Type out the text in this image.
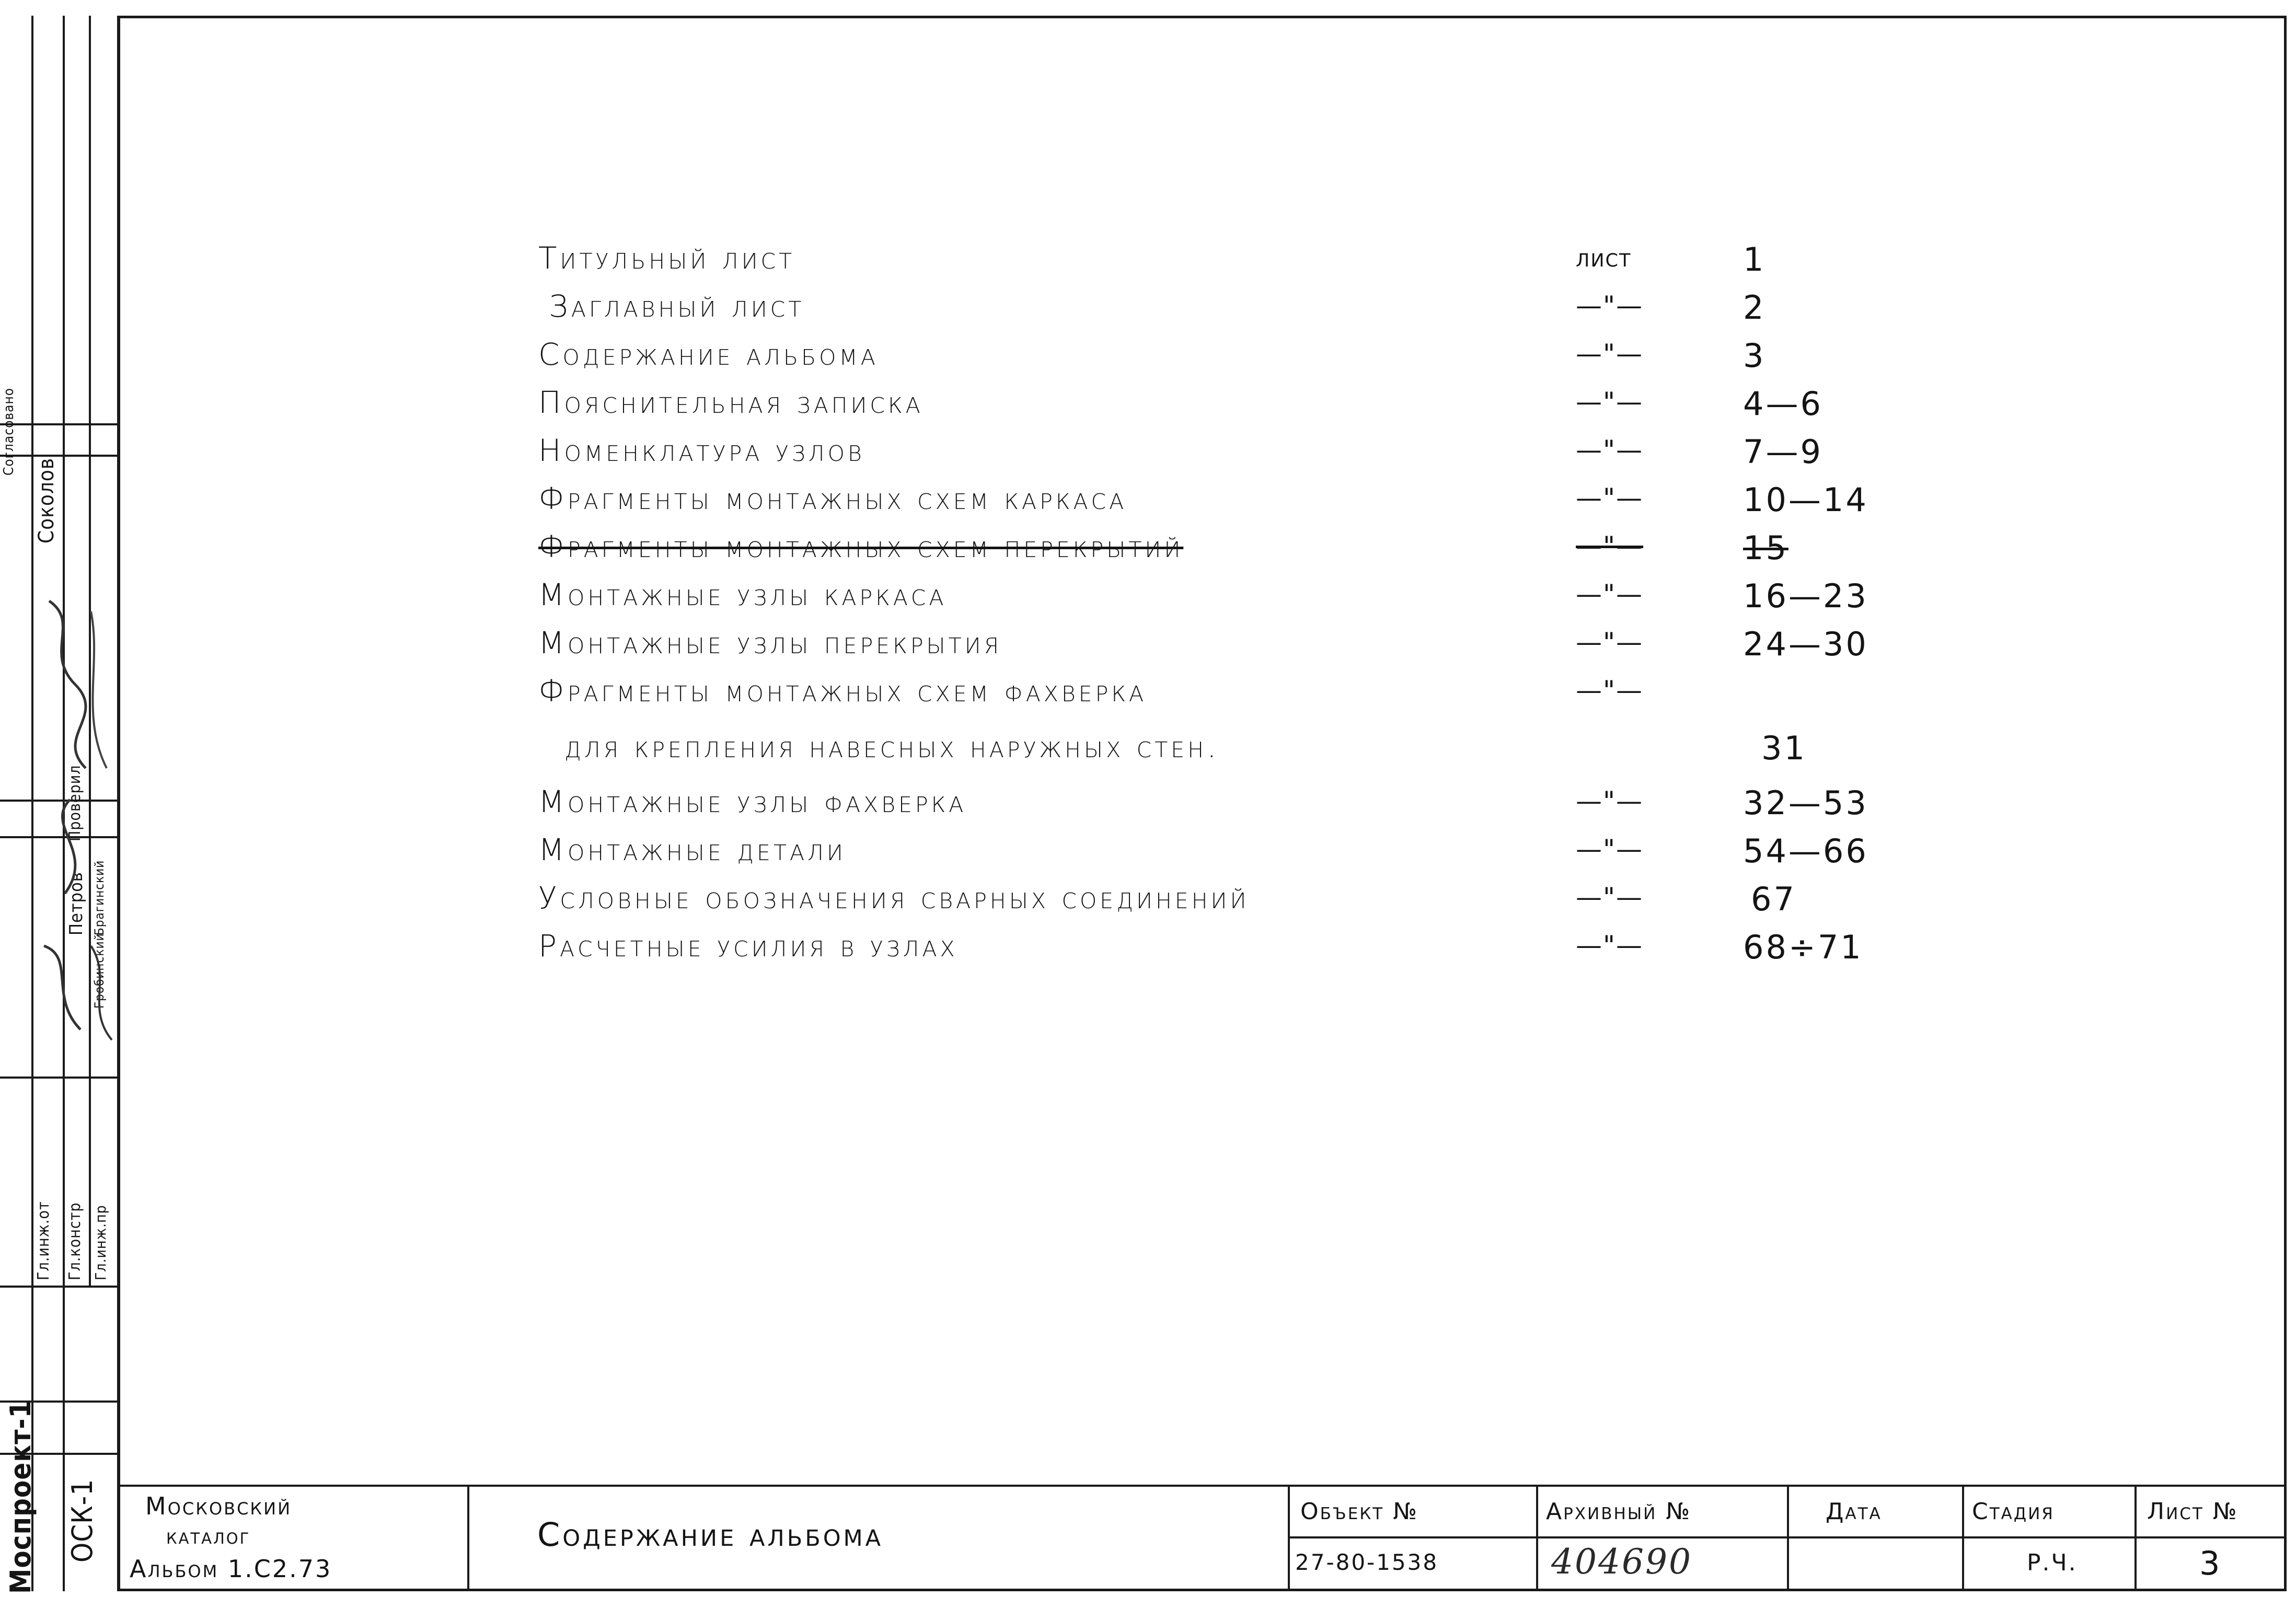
Согласовано
Соколов
Петров Брагинский
Гробинский
Гл.инж.от Гл.констр Гл.инж.пр
Проверил
Моспроект-1 ОСК-1
Титульный лист	лист	1
Заглавный лист	—"—	2
Содержание альбома	—"—	3
Пояснительная записка	—"—	4—6
Номенклатура узлов	—"—	7—9
Фрагменты монтажных схем каркаса	—"—	10—14
Фрагменты монтажных схем перекрытий	—"—	15
Монтажные узлы каркаса	—"—	16—23
Монтажные узлы перекрытия	—"—	24—30
Фрагменты монтажных схем фахверка	—"—
для крепления навесных наружных стен.	31
Монтажные узлы фахверка	—"—	32—53
Монтажные детали	—"—	54—66
Условные обозначения сварных соединений	—"—	67
Расчетные усилия в узлах	—"—	68÷71
Московский
каталог
Альбом 1.С2.73
Содержание альбома
Объект №
27-80-1538
Архивный №
404690
Дата	Стадия
Р.Ч.
Лист №
3
